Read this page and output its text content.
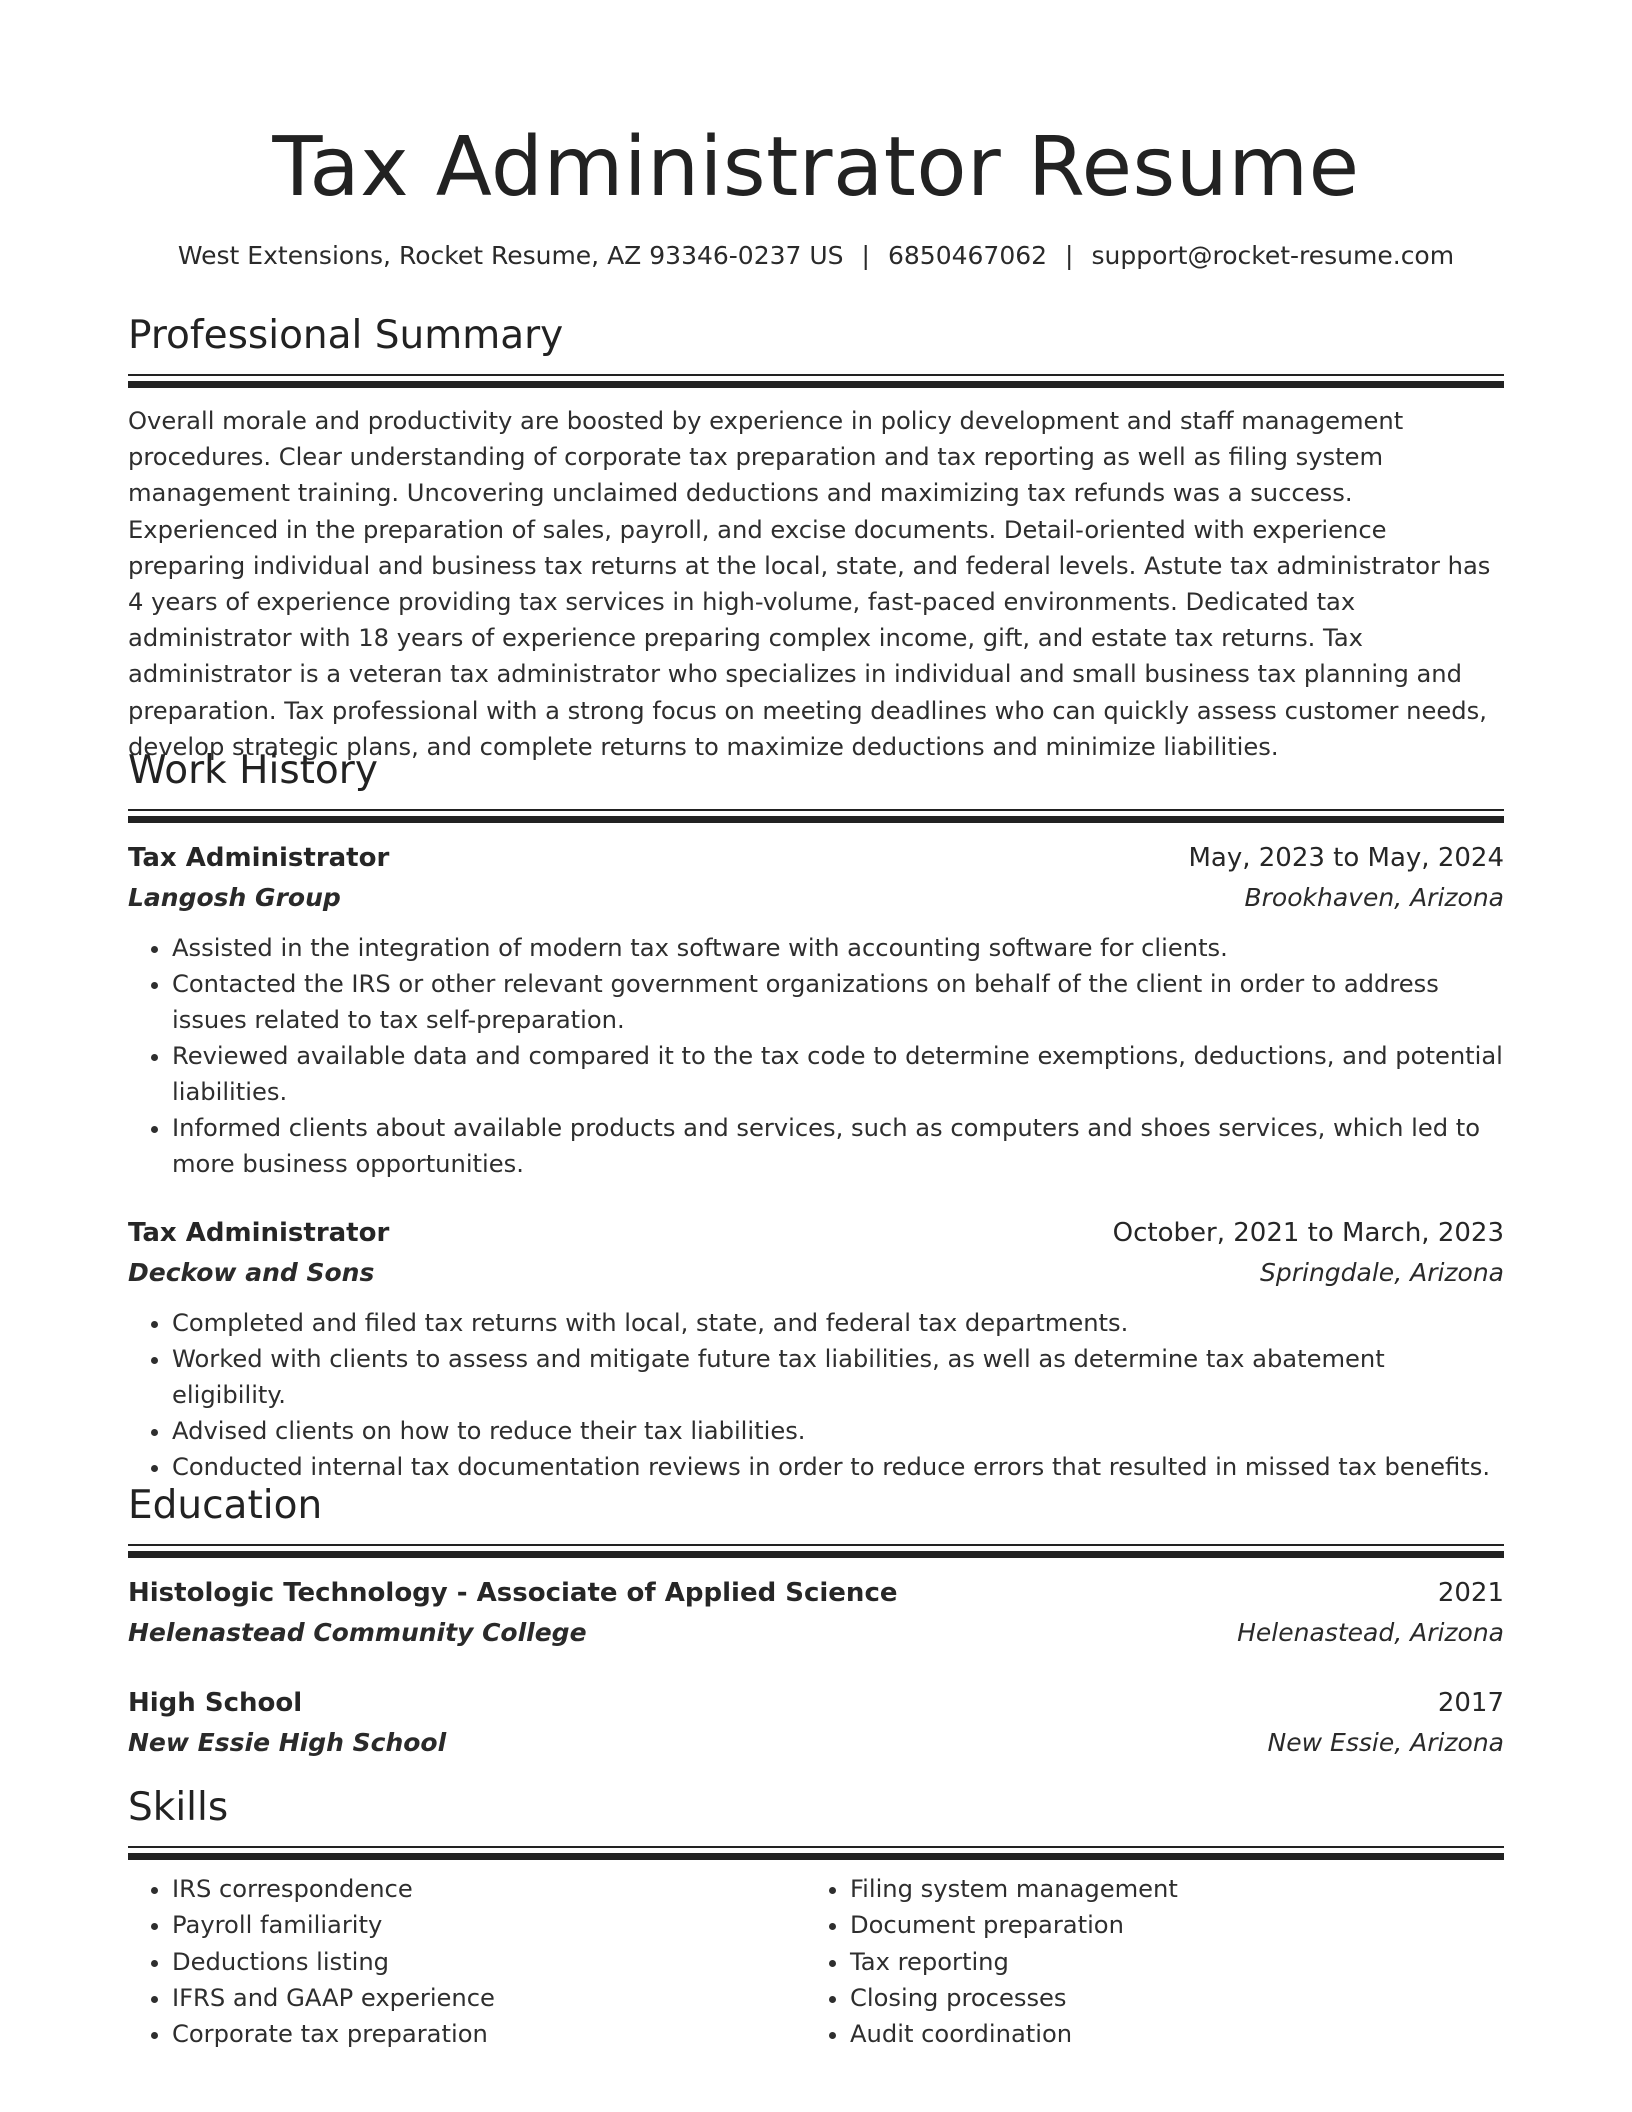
Tax Administrator Resume
West Extensions, Rocket Resume, AZ 93346-0237 US | 6850467062 | support@rocket-resume.com
Professional Summary

Overall morale and productivity are boosted by experience in policy development and staff management procedures. Clear understanding of corporate tax preparation and tax reporting as well as filing system management training. Uncovering unclaimed deductions and maximizing tax refunds was a success. Experienced in the preparation of sales, payroll, and excise documents. Detail-oriented with experience preparing individual and business tax returns at the local, state, and federal levels. Astute tax administrator has 4 years of experience providing tax services in high-volume, fast-paced environments. Dedicated tax administrator with 18 years of experience preparing complex income, gift, and estate tax returns. Tax administrator is a veteran tax administrator who specializes in individual and small business tax planning and preparation. Tax professional with a strong focus on meeting deadlines who can quickly assess customer needs, develop strategic plans, and complete returns to maximize deductions and minimize liabilities.

Work History
Tax Administrator	May, 2023 to May, 2024
Langosh Group	Brookhaven, Arizona
• Assisted in the integration of modern tax software with accounting software for clients.
• Contacted the IRS or other relevant government organizations on behalf of the client in order to address issues related to tax self-preparation.
• Reviewed available data and compared it to the tax code to determine exemptions, deductions, and potential liabilities.
• Informed clients about available products and services, such as computers and shoes services, which led to more business opportunities.
Tax Administrator	October, 2021 to March, 2023
Deckow and Sons	Springdale, Arizona
• Completed and filed tax returns with local, state, and federal tax departments.
• Worked with clients to assess and mitigate future tax liabilities, as well as determine tax abatement eligibility.
• Advised clients on how to reduce their tax liabilities.
• Conducted internal tax documentation reviews in order to reduce errors that resulted in missed tax benefits.
Education
Histologic Technology - Associate of Applied Science	2021
Helenastead Community College	Helenastead, Arizona
High School	2017
New Essie High School	New Essie, Arizona
Skills
• IRS correspondence
• Payroll familiarity
• Deductions listing
• IFRS and GAAP experience
• Corporate tax preparation
• Filing system management
• Document preparation
• Tax reporting
• Closing processes
• Audit coordination
